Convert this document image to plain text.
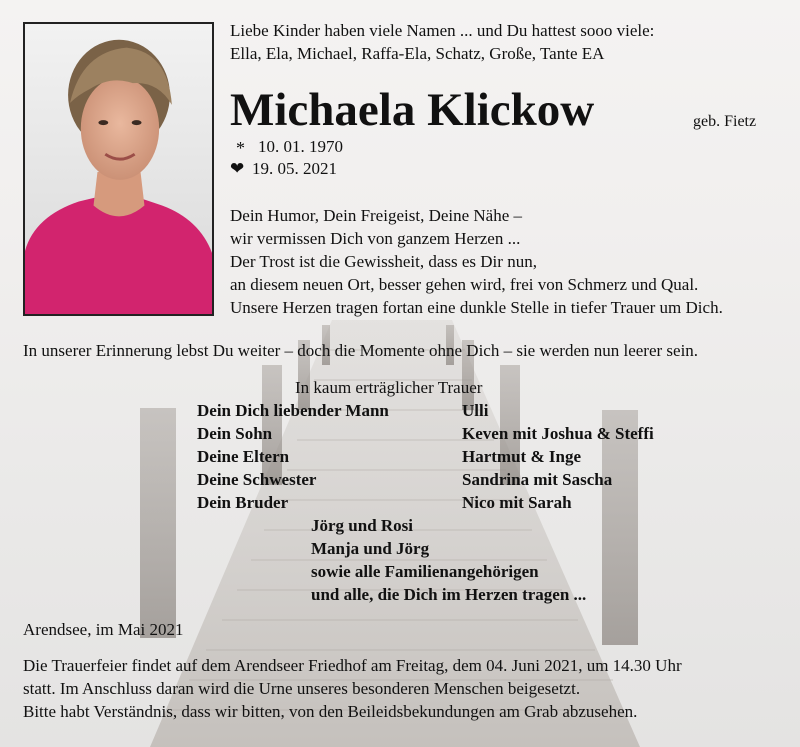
Liebe Kinder haben viele Namen ... und Du hattest sooo viele:
Ella, Ela, Michael, Raffa-Ela, Schatz, Große, Tante EA
Michaela Klickow	geb. Fietz
* 10. 01. 1970
❤ 19. 05. 2021
Dein Humor, Dein Freigeist, Deine Nähe –
wir vermissen Dich von ganzem Herzen ...
Der Trost ist die Gewissheit, dass es Dir nun,
an diesem neuen Ort, besser gehen wird, frei von Schmerz und Qual.
Unsere Herzen tragen fortan eine dunkle Stelle in tiefer Trauer um Dich.
In unserer Erinnerung lebst Du weiter – doch die Momente ohne Dich – sie werden nun leerer sein.
In kaum erträglicher Trauer
Dein Dich liebender Mann	Ulli
Dein Sohn	Keven mit Joshua & Steffi
Deine Eltern	Hartmut & Inge
Deine Schwester	Sandrina mit Sascha
Dein Bruder	Nico mit Sarah
Jörg und Rosi
Manja und Jörg
sowie alle Familienangehörigen
und alle, die Dich im Herzen tragen ...
Arendsee, im Mai 2021
Die Trauerfeier findet auf dem Arendseer Friedhof am Freitag, dem 04. Juni 2021, um 14.30 Uhr
statt. Im Anschluss daran wird die Urne unseres besonderen Menschen beigesetzt.
Bitte habt Verständnis, dass wir bitten, von den Beileidsbekundungen am Grab abzusehen.
